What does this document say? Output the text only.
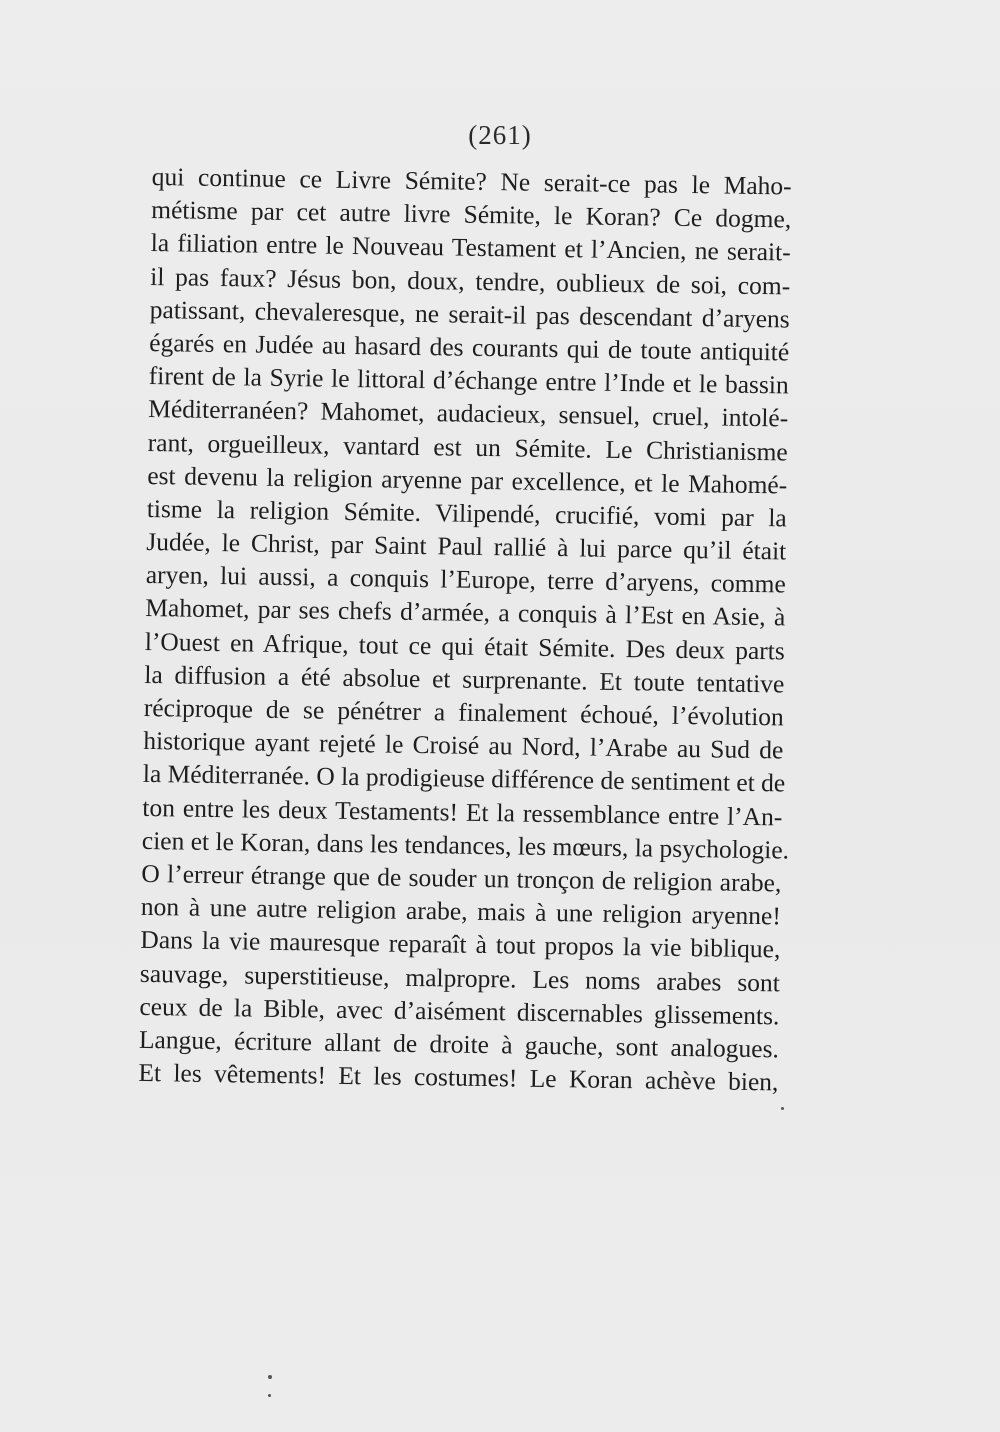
(261)
qui continue ce Livre Sémite? Ne serait-ce pas le Maho-
métisme par cet autre livre Sémite, le Koran? Ce dogme,
la filiation entre le Nouveau Testament et l’Ancien, ne serait-
il pas faux? Jésus bon, doux, tendre, oublieux de soi, com-
patissant, chevaleresque, ne serait-il pas descendant d’aryens
égarés en Judée au hasard des courants qui de toute antiquité
firent de la Syrie le littoral d’échange entre l’Inde et le bassin
Méditerranéen? Mahomet, audacieux, sensuel, cruel, intolé-
rant, orgueilleux, vantard est un Sémite. Le Christianisme
est devenu la religion aryenne par excellence, et le Mahomé-
tisme la religion Sémite. Vilipendé, crucifié, vomi par la
Judée, le Christ, par Saint Paul rallié à lui parce qu’il était
aryen, lui aussi, a conquis l’Europe, terre d’aryens, comme
Mahomet, par ses chefs d’armée, a conquis à l’Est en Asie, à
l’Ouest en Afrique, tout ce qui était Sémite. Des deux parts
la diffusion a été absolue et surprenante. Et toute tentative
réciproque de se pénétrer a finalement échoué, l’évolution
historique ayant rejeté le Croisé au Nord, l’Arabe au Sud de
la Méditerranée. O la prodigieuse différence de sentiment et de
ton entre les deux Testaments! Et la ressemblance entre l’An-
cien et le Koran, dans les tendances, les mœurs, la psychologie.
O l’erreur étrange que de souder un tronçon de religion arabe,
non à une autre religion arabe, mais à une religion aryenne!
Dans la vie mauresque reparaît à tout propos la vie biblique,
sauvage, superstitieuse, malpropre. Les noms arabes sont
ceux de la Bible, avec d’aisément discernables glissements.
Langue, écriture allant de droite à gauche, sont analogues.
Et les vêtements! Et les costumes! Le Koran achève bien,
